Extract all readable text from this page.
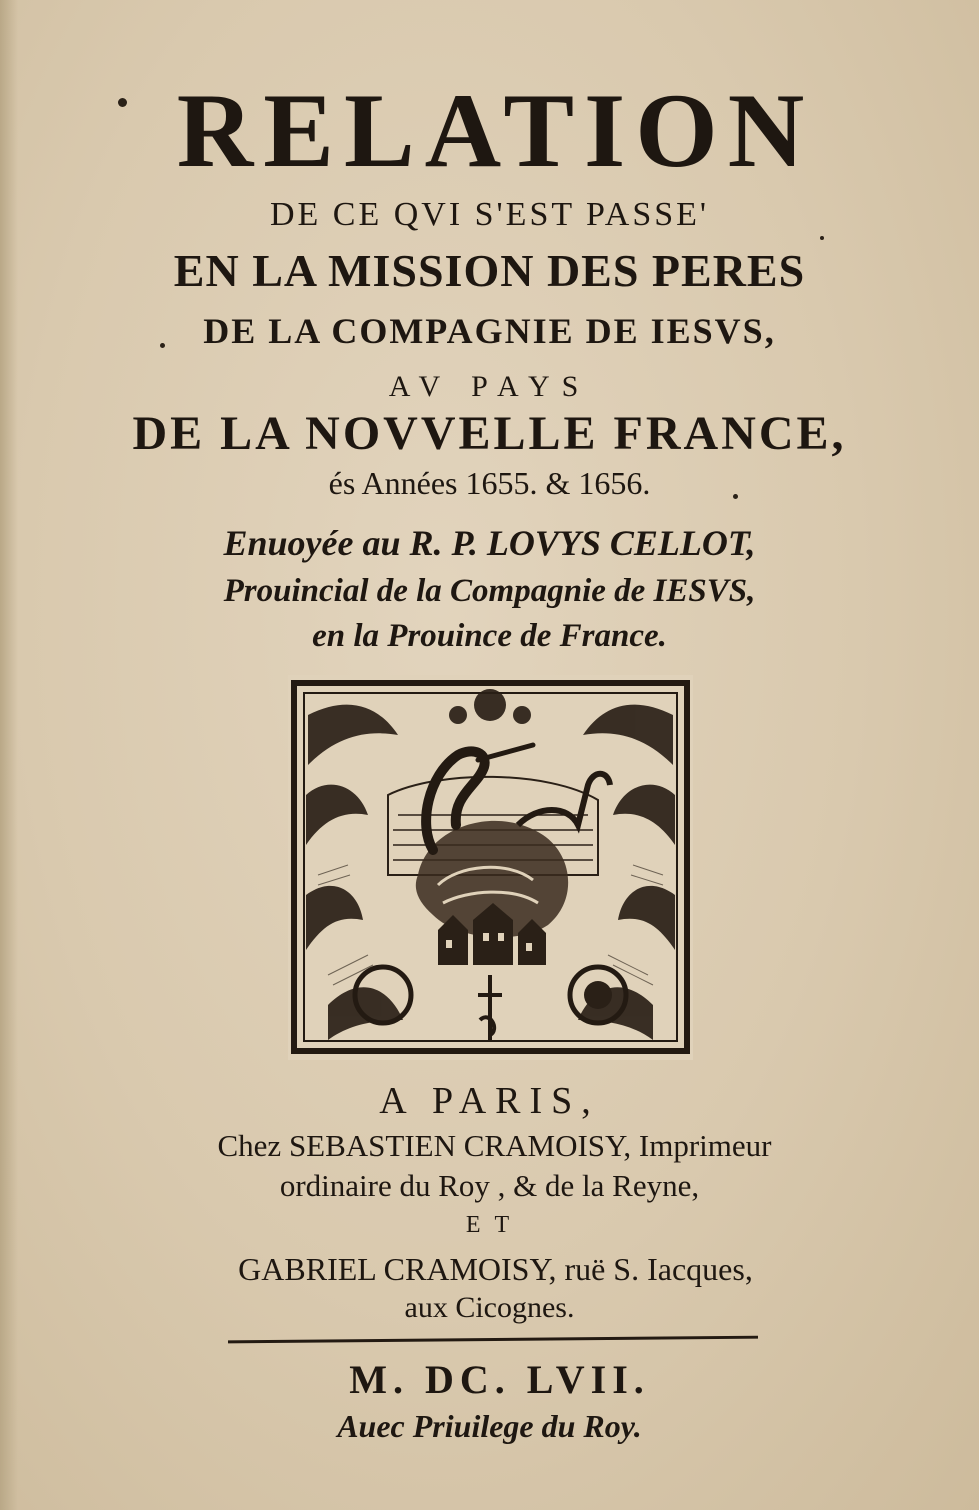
RELATION
DE CE QVI S'EST PASSE'
EN LA MISSION DES PERES
DE LA COMPAGNIE DE IESVS,
AV PAYS
DE LA NOVVELLE FRANCE,
és Années 1655. & 1656.
Enuoyée au R. P. LOVYS CELLOT,
Prouincial de la Compagnie de IESVS,
en la Prouince de France.
A PARIS,
Chez SEBASTIEN CRAMOISY, Imprimeur
ordinaire du Roy , & de la Reyne,
ET
GABRIEL CRAMOISY, ruë S. Iacques,
aux Cicognes.
M. DC. LVII.
Auec Priuilege du Roy.
